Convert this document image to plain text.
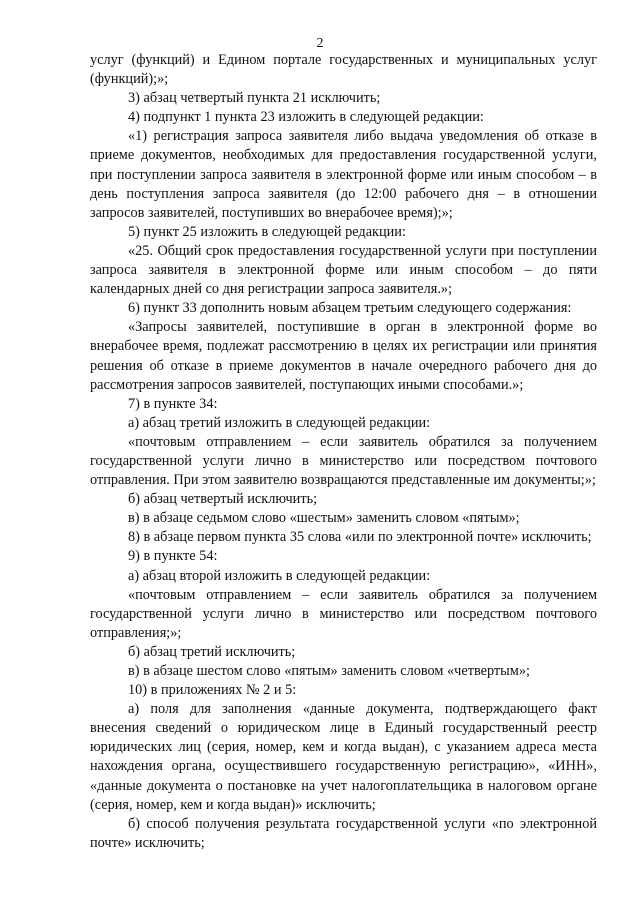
2

услуг (функций) и Едином портале государственных и муниципальных услуг (функций);»;

3) абзац четвертый пункта 21 исключить;

4) подпункт 1 пункта 23 изложить в следующей редакции:

«1) регистрация запроса заявителя либо выдача уведомления об отказе в приеме документов, необходимых для предоставления государственной услуги, при поступлении запроса заявителя в электронной форме или иным способом – в день поступления запроса заявителя (до 12:00 рабочего дня – в отношении запросов заявителей, поступивших во внерабочее время);»;

5) пункт 25 изложить в следующей редакции:

«25. Общий срок предоставления государственной услуги при поступлении запроса заявителя в электронной форме или иным способом – до пяти календарных дней со дня регистрации запроса заявителя.»;

6) пункт 33 дополнить новым абзацем третьим следующего содержания:

«Запросы заявителей, поступившие в орган в электронной форме во внерабочее время, подлежат рассмотрению в целях их регистрации или принятия решения об отказе в приеме документов в начале очередного рабочего дня до рассмотрения запросов заявителей, поступающих иными способами.»;

7) в пункте 34:

а) абзац третий изложить в следующей редакции:

«почтовым отправлением – если заявитель обратился за получением государственной услуги лично в министерство или посредством почтового отправления. При этом заявителю возвращаются представленные им документы;»;

б) абзац четвертый исключить;

в) в абзаце седьмом слово «шестым» заменить словом «пятым»;

8) в абзаце первом пункта 35 слова «или по электронной почте» исключить;

9) в пункте 54:

а) абзац второй изложить в следующей редакции:

«почтовым отправлением – если заявитель обратился за получением государственной услуги лично в министерство или посредством почтового отправления;»;

б) абзац третий исключить;

в) в абзаце шестом слово «пятым» заменить словом «четвертым»;

10) в приложениях № 2 и 5:

а) поля для заполнения «данные документа, подтверждающего факт внесения сведений о юридическом лице в Единый государственный реестр юридических лиц (серия, номер, кем и когда выдан), с указанием адреса места нахождения органа, осуществившего государственную регистрацию», «ИНН», «данные документа о постановке на учет налогоплательщика в налоговом органе (серия, номер, кем и когда выдан)» исключить;

б) способ получения результата государственной услуги «по электронной почте» исключить;
